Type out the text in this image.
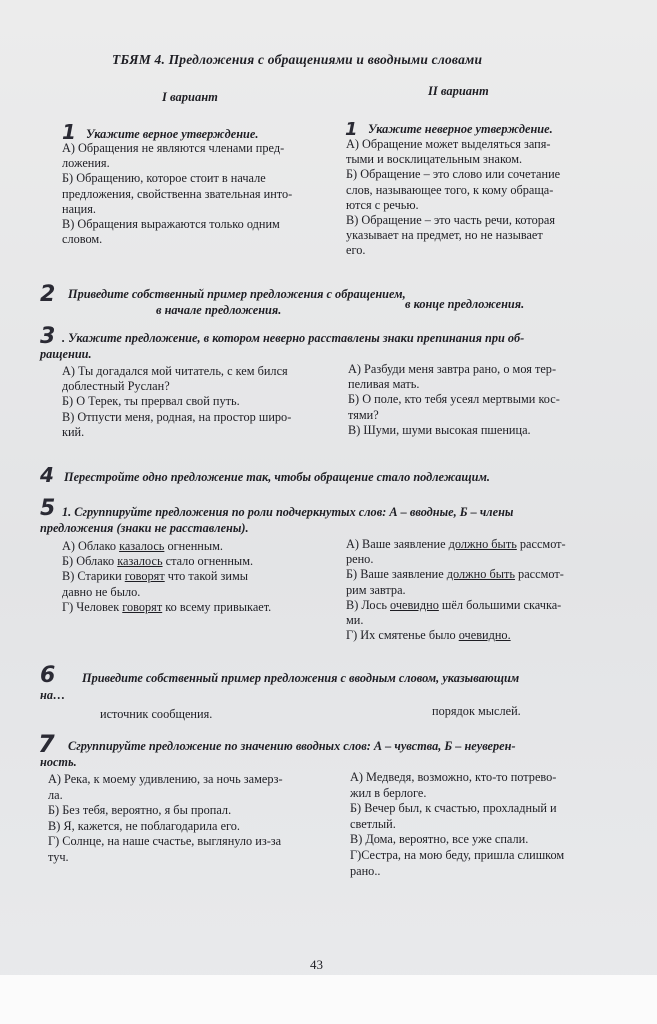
ТБЯМ 4. Предложения с обращениями и вводными словами
I вариант	II вариант
1 Укажите верное утверждение.
А) Обращения не являются членами пред-
ложения.
Б) Обращению, которое стоит в начале
предложения, свойственна звательная инто-
нация.
В) Обращения выражаются только одним
словом.
1 Укажите неверное утверждение.
А) Обращение может выделяться запя-
тыми и восклицательным знаком.
Б) Обращение – это слово или сочетание
слов, называющее того, к кому обраща-
ются с речью.
В) Обращение – это часть речи, которая
указывает на предмет, но не называет
его.
2 Приведите собственный пример предложения с обращением,
в начале предложения.	в конце предложения.
3 . Укажите предложение, в котором неверно расставлены знаки препинания при об-
ращении.
А) Ты догадался мой читатель, с кем бился
доблестный Руслан?
Б) О Терек, ты прервал свой путь.
В) Отпусти меня, родная, на простор широ-
кий.
А) Разбуди меня завтра рано, о моя тер-
пеливая мать.
Б) О поле, кто тебя усеял мертвыми кос-
тями?
В) Шуми, шуми высокая пшеница.
4 Перестройте одно предложение так, чтобы обращение стало подлежащим.
5 1. Сгруппируйте предложения по роли подчеркнутых слов: А – вводные, Б – члены
предложения (знаки не расставлены).
А) Облако казалось огненным.
Б) Облако казалось стало огненным.
В) Старики говорят что такой зимы
давно не было.
Г) Человек говорят ко всему привыкает.
А) Ваше заявление должно быть рассмот-
рено.
Б) Ваше заявление должно быть рассмот-
рим завтра.
В) Лось очевидно шёл большими скачка-
ми.
Г) Их смятенье было очевидно.
6 Приведите собственный пример предложения с вводным словом, указывающим
на…
источник сообщения.	порядок мыслей.
7 Сгруппируйте предложение по значению вводных слов: А – чувства, Б – неуверен-
ность.
А) Река, к моему удивлению, за ночь замерз-
ла.
Б) Без тебя, вероятно, я бы пропал.
В) Я, кажется, не поблагодарила его.
Г) Солнце, на наше счастье, выглянуло из-за
туч.
А) Медведя, возможно, кто-то потрево-
жил в берлоге.
Б) Вечер был, к счастью, прохладный и
светлый.
В) Дома, вероятно, все уже спали.
Г)Сестра, на мою беду, пришла слишком
рано..
43
